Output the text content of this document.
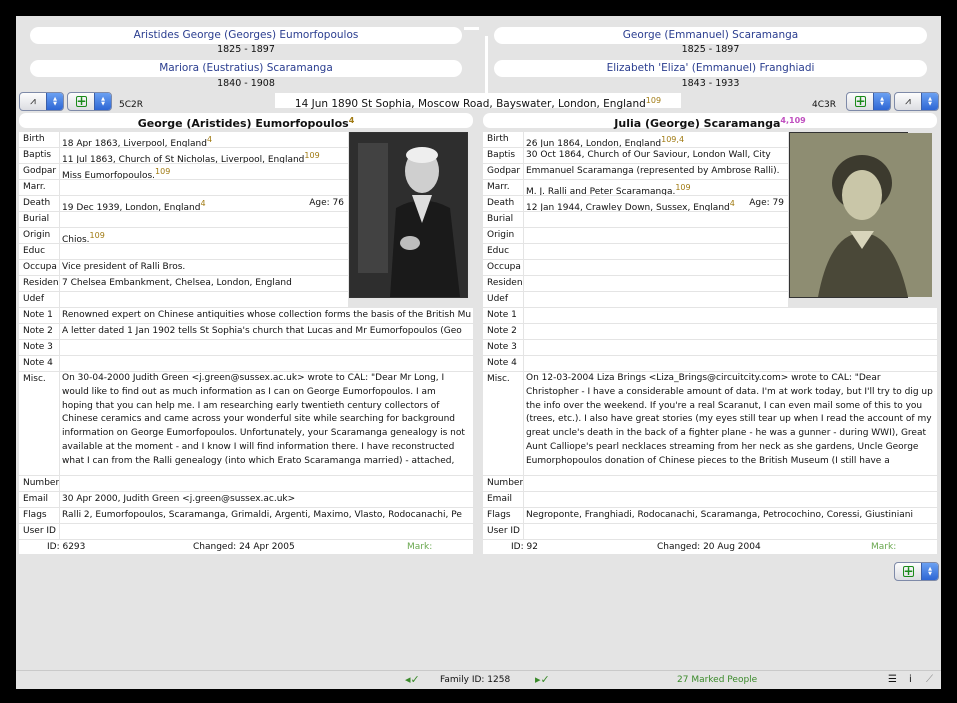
Aristides George (Georges) Eumorfopoulos
1825 - 1897
Mariora (Eustratius) Scaramanga
1840 - 1908
George (Emmanuel) Scaramanga
1825 - 1897
Elizabeth 'Eliza' (Emmanuel) Franghiadi
1843 - 1933
⩘	▲
▼ +	▲
▼ 5C2R	14 Jun 1890 St Sophia, Moscow Road, Bayswater, London, England$^{109}$	4C3R +	▲
▼	⩘	▲
▼
George (Aristides) Eumorfopoulos$^4$
Birth	18 Apr 1863, Liverpool, England$^4$
Baptis	11 Jul 1863, Church of St Nicholas, Liverpool, England$^{109}$
Godpar Miss Eumorfopoulos.$^{109}$
Marr.
Death	19 Dec 1939, London, England$^4$	Age: 76
Burial
Origin	Chios.$^{109}$
Educ
Occupa Vice president of Ralli Bros.
Residen 7 Chelsea Embankment, Chelsea, London, England
Udef
Note 1	Renowned expert on Chinese antiquities whose collection forms the basis of the British Mu
Note 2	A letter dated 1 Jan 1902 tells St Sophia's church that Lucas and Mr Eumorfopoulos (Geo
Note 3
Note 4
Misc.	On 30-04-2000 Judith Green <j.green@sussex.ac.uk> wrote to CAL: "Dear Mr Long, I would like to find out as much information as I can on George Eumorfopoulos. I am hoping that you can help me. I am researching early twentieth century collectors of Chinese ceramics and came across your wonderful site while searching for background information on George Eumorfopoulos. Unfortunately, your Scaramanga genealogy is not available at the moment - and I know I will find information there. I have reconstructed what I can from the Ralli genealogy (into which Erato Scaramanga married) - attached,
Number
Email	30 Apr 2000, Judith Green <j.green@sussex.ac.uk>
Flags	Ralli 2, Eumorfopoulos, Scaramanga, Grimaldi, Argenti, Maximo, Vlasto, Rodocanachi, Pe
User ID
ID: 6293	Changed: 24 Apr 2005	Mark:
Julia (George) Scaramanga$^{4,109}$
Birth	26 Jun 1864, London, England$^{109,4}$
Baptis	30 Oct 1864, Church of Our Saviour, London Wall, City
Godpar Emmanuel Scaramanga (represented by Ambrose Ralli).
Marr.	M. J. Ralli and Peter Scaramanga.$^{109}$
Death	12 Jan 1944, Crawley Down, Sussex, England$^4$ Age: 79
Burial
Origin
Educ
Occupa
Residen
Udef
Note 1
Note 2
Note 3
Note 4
Misc.	On 12-03-2004 Liza Brings <Liza_Brings@circuitcity.com> wrote to CAL: "Dear Christopher - I have a considerable amount of data. I'm at work today, but I'll try to dig up the info over the weekend. If you're a real Scaranut, I can even mail some of this to you (trees, etc.). I also have great stories (my eyes still tear up when I read the account of my great uncle's death in the back of a fighter plane - he was a gunner - during WWI), Great Aunt Calliope's pearl necklaces streaming from her neck as she gardens, Uncle George Eumorphopoulos donation of Chinese pieces to the British Museum (I still have a
Number
Email
Flags	Negroponte, Franghiadi, Rodocanachi, Scaramanga, Petrocochino, Coressi, Giustiniani
User ID
ID: 92	Changed: 20 Aug 2004	Mark:
+	▲
▼
◂✓ Family ID: 1258 ▸✓	27 Marked People	☰ ⅰ ⟋
